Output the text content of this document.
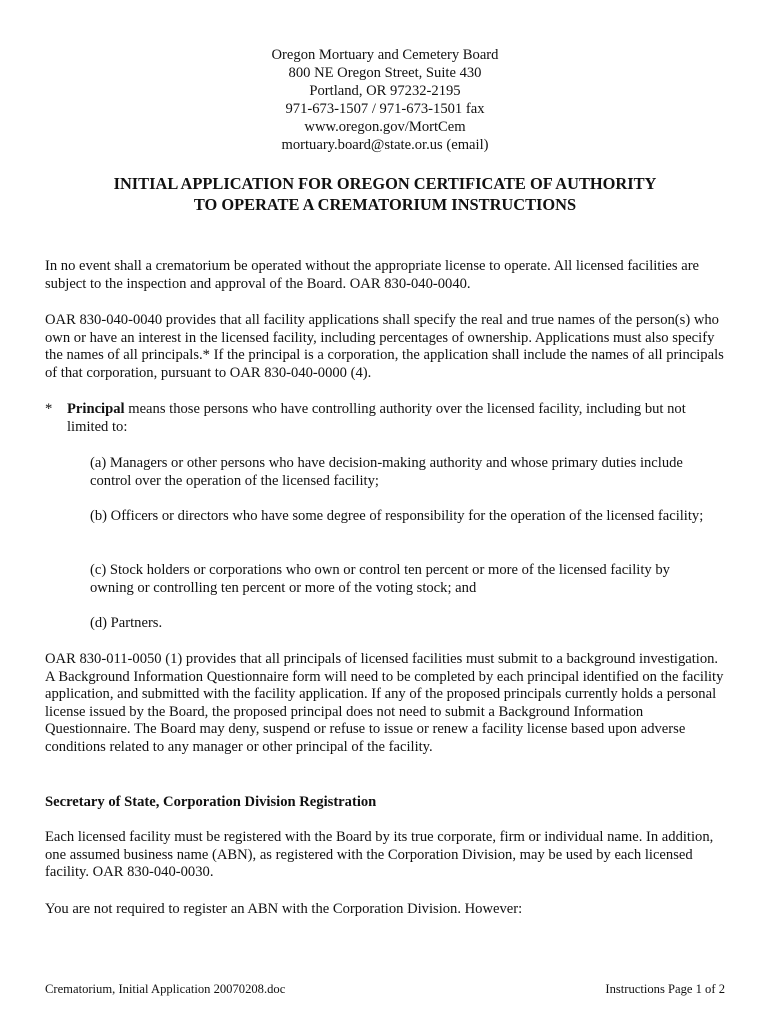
Oregon Mortuary and Cemetery Board
800 NE Oregon Street, Suite 430
Portland, OR 97232-2195
971-673-1507 / 971-673-1501 fax
www.oregon.gov/MortCem
mortuary.board@state.or.us (email)
INITIAL APPLICATION FOR OREGON CERTIFICATE OF AUTHORITY
TO OPERATE A CREMATORIUM INSTRUCTIONS

In no event shall a crematorium be operated without the appropriate license to operate. All licensed facilities are subject to the inspection and approval of the Board. OAR 830-040-0040.

OAR 830-040-0040 provides that all facility applications shall specify the real and true names of the person(s) who own or have an interest in the licensed facility, including percentages of ownership. Applications must also specify the names of all principals.* If the principal is a corporation, the application shall include the names of all principals of that corporation, pursuant to OAR 830-040-0000 (4).

* Principal means those persons who have controlling authority over the licensed facility, including but not limited to:

(a) Managers or other persons who have decision-making authority and whose primary duties include control over the operation of the licensed facility;

(b) Officers or directors who have some degree of responsibility for the operation of the licensed facility;

(c) Stock holders or corporations who own or control ten percent or more of the licensed facility by owning or controlling ten percent or more of the voting stock; and

(d) Partners.

OAR 830-011-0050 (1) provides that all principals of licensed facilities must submit to a background investigation. A Background Information Questionnaire form will need to be completed by each principal identified on the facility application, and submitted with the facility application. If any of the proposed principals currently holds a personal license issued by the Board, the proposed principal does not need to submit a Background Information Questionnaire. The Board may deny, suspend or refuse to issue or renew a facility license based upon adverse conditions related to any manager or other principal of the facility.

Secretary of State, Corporation Division Registration

Each licensed facility must be registered with the Board by its true corporate, firm or individual name. In addition, one assumed business name (ABN), as registered with the Corporation Division, may be used by each licensed facility. OAR 830-040-0030.

You are not required to register an ABN with the Corporation Division. However:

Crematorium, Initial Application 20070208.doc	Instructions Page 1 of 2
